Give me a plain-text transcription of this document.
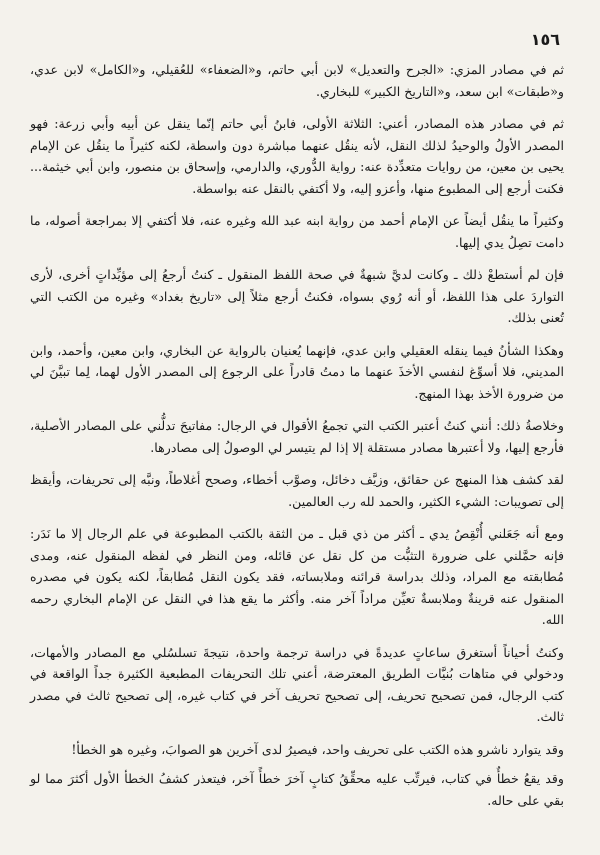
١٥٦

ثم في مصادر المزي: «الجرح والتعديل» لابن أبي حاتم، و«الضعفاء» للعُقيلي، و«الكامل» لابن عدي، و«طبقات» ابن سعد، و«التاريخ الكبير» للبخاري.

ثم في مصادر هذه المصادر، أعني: الثلاثة الأولى، فابنُ أبي حاتم إنّما ينقل عن أبيه وأبي زرعة: فهو المصدر الأولُ والوحيدُ لذلك النقل، لأنه ينقُل عنهما مباشرة دون واسطة، لكنه كثيراً ما ينقُل عن الإمام يحيى بن معين، من روايات متعدِّدة عنه: رواية الدُّوري، والدارمي، وإسحاق بن منصور، وابن أبي خيثمة... فكنت أرجع إلى المطبوع منها، وأعزو إليه، ولا أكتفي بالنقل عنه بواسطة.

وكثيراً ما ينقُل أيضاً عن الإمام أحمد من رواية ابنه عبد الله وغيره عنه، فلا أكتفي إلا بمراجعة أصوله، ما دامت تصِلُ يدي إليها.

فإن لم أستطعْ ذلك ـ وكانت لديَّ شبهةٌ في صحة اللفظ المنقول ـ كنتُ أرجعُ إلى مؤيِّداتٍ أخرى، لأرى التواردَ على هذا اللفظ، أو أنه رُوي بسواه، فكنتُ أرجع مثلاً إلى «تاريخ بغداد» وغيره من الكتب التي تُعنى بذلك.

وهكذا الشأنُ فيما ينقله العقيلي وابن عدي، فإنهما يُعنيان بالرواية عن البخاري، وابن معين، وأحمد، وابن المديني، فلا أسوِّغ لنفسي الأخذَ عنهما ما دمتُ قادراً على الرجوع إلى المصدر الأول لهما، لِما تبيَّنَ لي من ضرورة الأخذ بهذا المنهج.

وخلاصةُ ذلك: أنني كنتُ أعتبر الكتب التي تجمعُ الأقوال في الرجال: مفاتيحَ تدلُّني على المصادر الأصلية، فأرجع إليها، ولا أعتبرها مصادر مستقلة إلا إذا لم يتيسر لي الوصولُ إلى مصادرها.

لقد كشف هذا المنهج عن حقائق، وزيَّف دخائل، وصوَّب أخطاء، وصحح أغلاطاً، ونبَّه إلى تحريفات، وأيقظ إلى تصويبات: الشيء الكثير، والحمد لله رب العالمين.

ومع أنه جَعَلني أُنْقِصُ يدي ـ أكثر من ذي قبل ـ من الثقة بالكتب المطبوعة في علم الرجال إلا ما نَدَر: فإنه حمَّلني على ضرورة التثبُّت من كل نقل عن قائله، ومن النظر في لفظه المنقول عنه، ومدى مُطابقته مع المراد، وذلك بدراسة قرائنه وملابساته، فقد يكون النقل مُطابقاً، لكنه يكون في مصدره المنقول عنه قرينةٌ وملابسةٌ تعيِّن مراداً آخر منه. وأكثر ما يقع هذا في النقل عن الإمام البخاري رحمه الله.

وكنتُ أحياناً أستغرق ساعاتٍ عديدةً في دراسة ترجمة واحدة، نتيجةَ تسلسُلي مع المصادر والأمهات، ودخولي في متاهات بُنيَّات الطريق المعترضة، أعني تلك التحريفات المطبعية الكثيرة جداً الواقعة في كتب الرجال، فمن تصحيح تحريف، إلى تصحيح تحريف آخر في كتاب غيره، إلى تصحيح ثالث في مصدر ثالث.

وقد يتوارد ناشرو هذه الكتب على تحريف واحد، فيصيرُ لدى آخرين هو الصوابَ، وغيره هو الخطأ!

وقد يقعُ خطأٌ في كتاب، فيرتِّب عليه محقِّقُ كتابٍ آخرَ خطأً آخر، فيتعذر كشفُ الخطأ الأول أكثرَ مما لو بقي على حاله.
